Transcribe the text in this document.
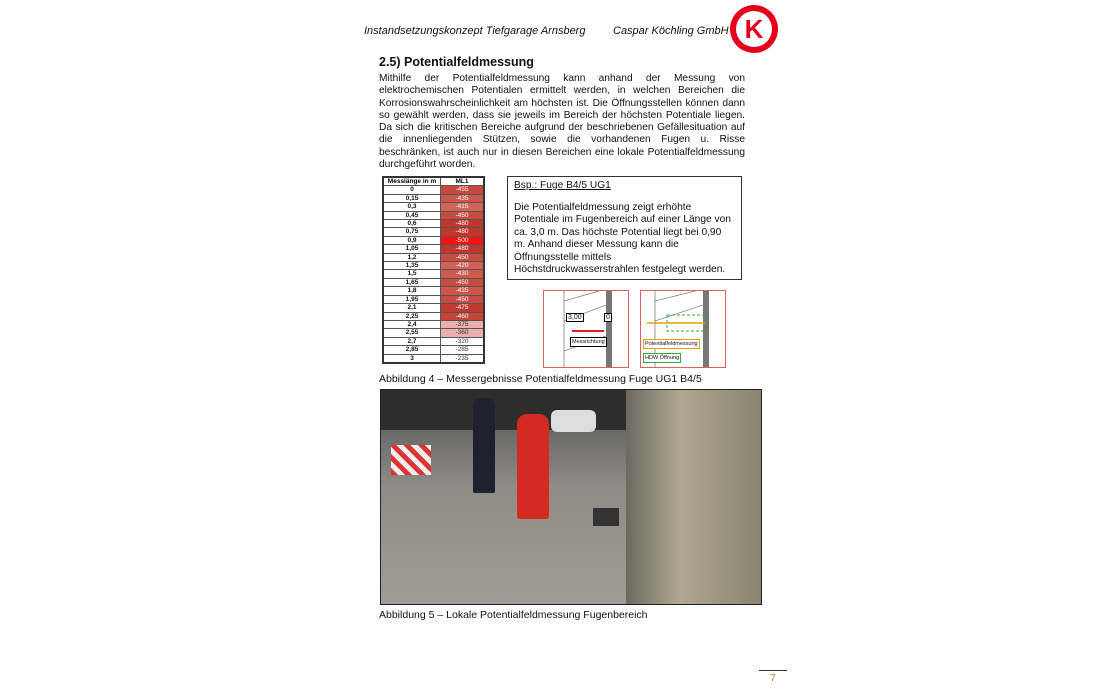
Instandsetzungskonzept Tiefgarage Arnsberg	Caspar Köchling GmbH K
2.5) Potentialfeldmessung
Mithilfe der Potentialfeldmessung kann anhand der Messung von elektrochemischen Potentialen ermittelt werden, in welchen Bereichen die Korrosionswahrscheinlichkeit am höchsten ist. Die Öffnungsstellen können dann so gewählt werden, dass sie jeweils im Bereich der höchsten Potentiale liegen. Da sich die kritischen Bereiche aufgrund der beschriebenen Gefällesituation auf die innenliegenden Stützen, sowie die vorhandenen Fugen u. Risse beschränken, ist auch nur in diesen Bereichen eine lokale Potentialfeldmessung durchgeführt worden.
Messlänge in m	ML1
0	-455
0,15	-435
0,3	-415
0,45	-450
0,6	-480
0,75	-480
0,9	-500
1,05	-480
1,2	-450
1,35	-420
1,5	-430
1,65	-450
1,8	-435
1,95	-450
2,1	-475
2,25	-460
2,4	-375
2,55	-360
2,7	-320
2,85	-285
3	-235
Bsp.: Fuge B4/5 UG1
Die Potentialfeldmessung zeigt erhöhte Potentiale im Fugenbereich auf einer Länge von ca. 3,0 m. Das höchste Potential liegt bei 0,90 m. Anhand dieser Messung kann die Öffnungsstelle mittels Höchstdruckwasserstrahlen festgelegt werden.
3,00	0
Messrichtung	Potentialfeldmessung
HDW Öffnung
Abbildung 4 – Messergebnisse Potentialfeldmessung Fuge UG1 B4/5
Abbildung 5 – Lokale Potentialfeldmessung Fugenbereich
7
